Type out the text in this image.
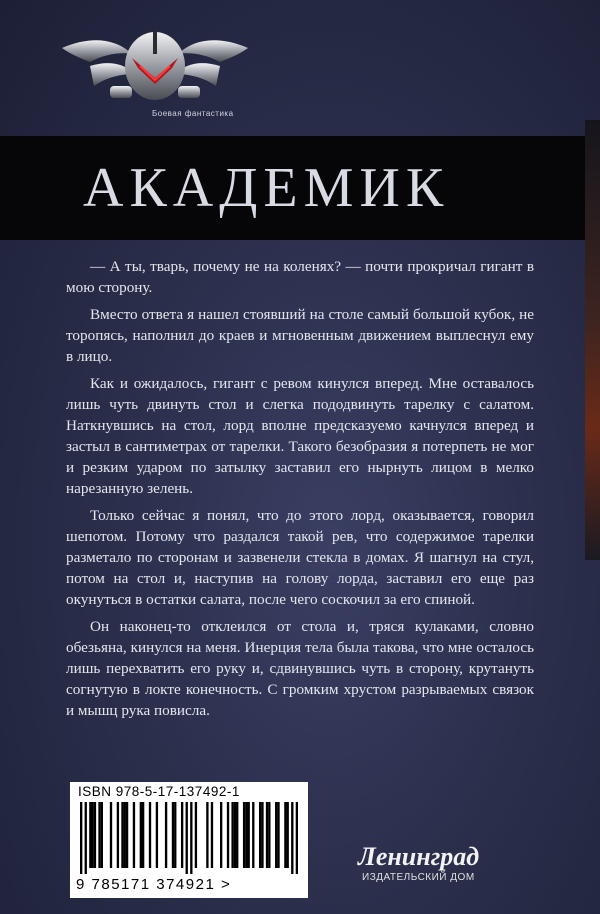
Боевая фантастика
АКАДЕМИК

— А ты, тварь, почему не на коленях? — почти прокричал гигант в мою сторону.

Вместо ответа я нашел стоявший на столе самый большой кубок, не торопясь, наполнил до краев и мгновенным движением выплеснул ему в лицо.

Как и ожидалось, гигант с ревом кинулся вперед. Мне оставалось лишь чуть двинуть стол и слегка пододвинуть тарелку с салатом. Наткнувшись на стол, лорд вполне предсказуемо качнулся вперед и застыл в сантиметрах от тарелки. Такого безобразия я потерпеть не мог и резким ударом по затылку заставил его нырнуть лицом в мелко нарезанную зелень.

Только сейчас я понял, что до этого лорд, оказывается, говорил шепотом. Потому что раздался такой рев, что содержимое тарелки разметало по сторонам и зазвенели стекла в домах. Я шагнул на стул, потом на стол и, наступив на голову лорда, заставил его еще раз окунуться в остатки салата, после чего соскочил за его спиной.

Он наконец-то отклеился от стола и, тряся кулаками, словно обезьяна, кинулся на меня. Инерция тела была такова, что мне осталось лишь перехватить его руку и, сдвинувшись чуть в сторону, крутануть согнутую в локте конечность. С громким хрустом разрываемых связок и мышц рука повисла.

ISBN 978-5-17-137492-1
9 785171 374921 >
Ленинград
ИЗДАТЕЛЬСКИЙ ДОМ
